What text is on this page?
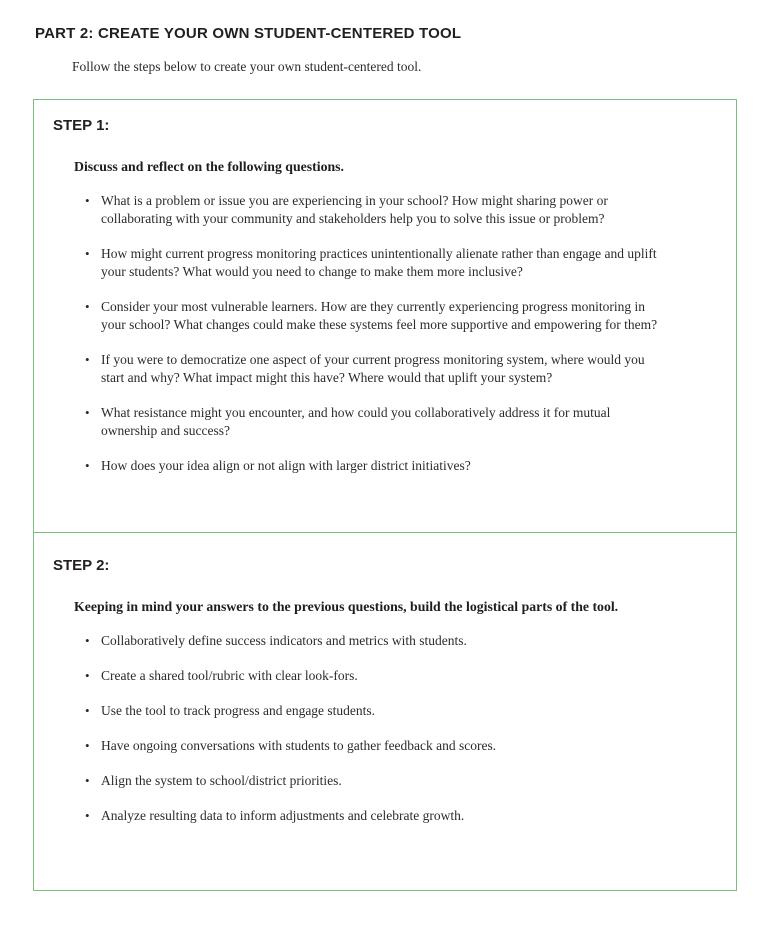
PART 2: CREATE YOUR OWN STUDENT-CENTERED TOOL

Follow the steps below to create your own student-centered tool.

STEP 1:

Discuss and reflect on the following questions.

• What is a problem or issue you are experiencing in your school? How might sharing power or collaborating with your community and stakeholders help you to solve this issue or problem?
• How might current progress monitoring practices unintentionally alienate rather than engage and uplift your students? What would you need to change to make them more inclusive?
• Consider your most vulnerable learners. How are they currently experiencing progress monitoring in your school? What changes could make these systems feel more supportive and empowering for them?
• If you were to democratize one aspect of your current progress monitoring system, where would you start and why? What impact might this have? Where would that uplift your system?
• What resistance might you encounter, and how could you collaboratively address it for mutual ownership and success?
• How does your idea align or not align with larger district initiatives?
STEP 2:

Keeping in mind your answers to the previous questions, build the logistical parts of the tool.

• Collaboratively define success indicators and metrics with students.
• Create a shared tool/rubric with clear look-fors.
• Use the tool to track progress and engage students.
• Have ongoing conversations with students to gather feedback and scores.
• Align the system to school/district priorities.
• Analyze resulting data to inform adjustments and celebrate growth.
